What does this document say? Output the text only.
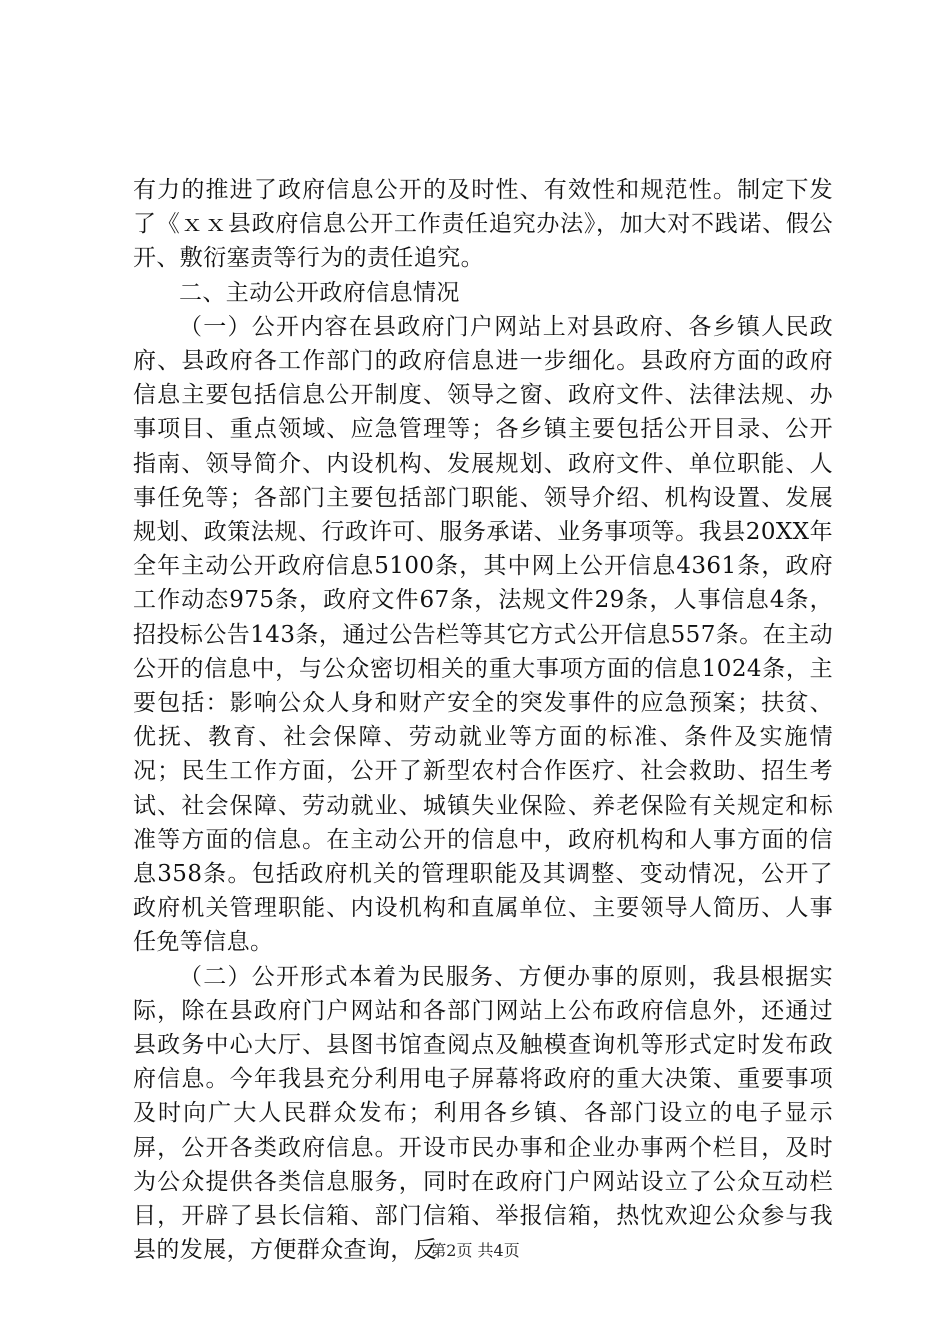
有力的推进了政府信息公开的及时性、有效性和规范性。制定下发了《ｘｘ县政府信息公开工作责任追究办法》，加大对不践诺、假公开、敷衍塞责等行为的责任追究。

二、主动公开政府信息情况

（一）公开内容在县政府门户网站上对县政府、各乡镇人民政府、县政府各工作部门的政府信息进一步细化。县政府方面的政府信息主要包括信息公开制度、领导之窗、政府文件、法律法规、办事项目、重点领域、应急管理等；各乡镇主要包括公开目录、公开指南、领导简介、内设机构、发展规划、政府文件、单位职能、人事任免等；各部门主要包括部门职能、领导介绍、机构设置、发展规划、政策法规、行政许可、服务承诺、业务事项等。我县20XX年全年主动公开政府信息5100条，其中网上公开信息4361条，政府工作动态975条，政府文件67条，法规文件29条，人事信息4条，招投标公告143条，通过公告栏等其它方式公开信息557条。在主动公开的信息中，与公众密切相关的重大事项方面的信息1024条，主要包括：影响公众人身和财产安全的突发事件的应急预案；扶贫、优抚、教育、社会保障、劳动就业等方面的标准、条件及实施情况；民生工作方面，公开了新型农村合作医疗、社会救助、招生考试、社会保障、劳动就业、城镇失业保险、养老保险有关规定和标准等方面的信息。在主动公开的信息中，政府机构和人事方面的信息358条。包括政府机关的管理职能及其调整、变动情况，公开了政府机关管理职能、内设机构和直属单位、主要领导人简历、人事任免等信息。

（二）公开形式本着为民服务、方便办事的原则，我县根据实际，除在县政府门户网站和各部门网站上公布政府信息外，还通过县政务中心大厅、县图书馆查阅点及触模查询机等形式定时发布政府信息。今年我县充分利用电子屏幕将政府的重大决策、重要事项及时向广大人民群众发布；利用各乡镇、各部门设立的电子显示屏，公开各类政府信息。开设市民办事和企业办事两个栏目，及时为公众提供各类信息服务，同时在政府门户网站设立了公众互动栏目，开辟了县长信箱、部门信箱、举报信箱，热忱欢迎公众参与我县的发展，方便群众查询，反

第2页 共4页
